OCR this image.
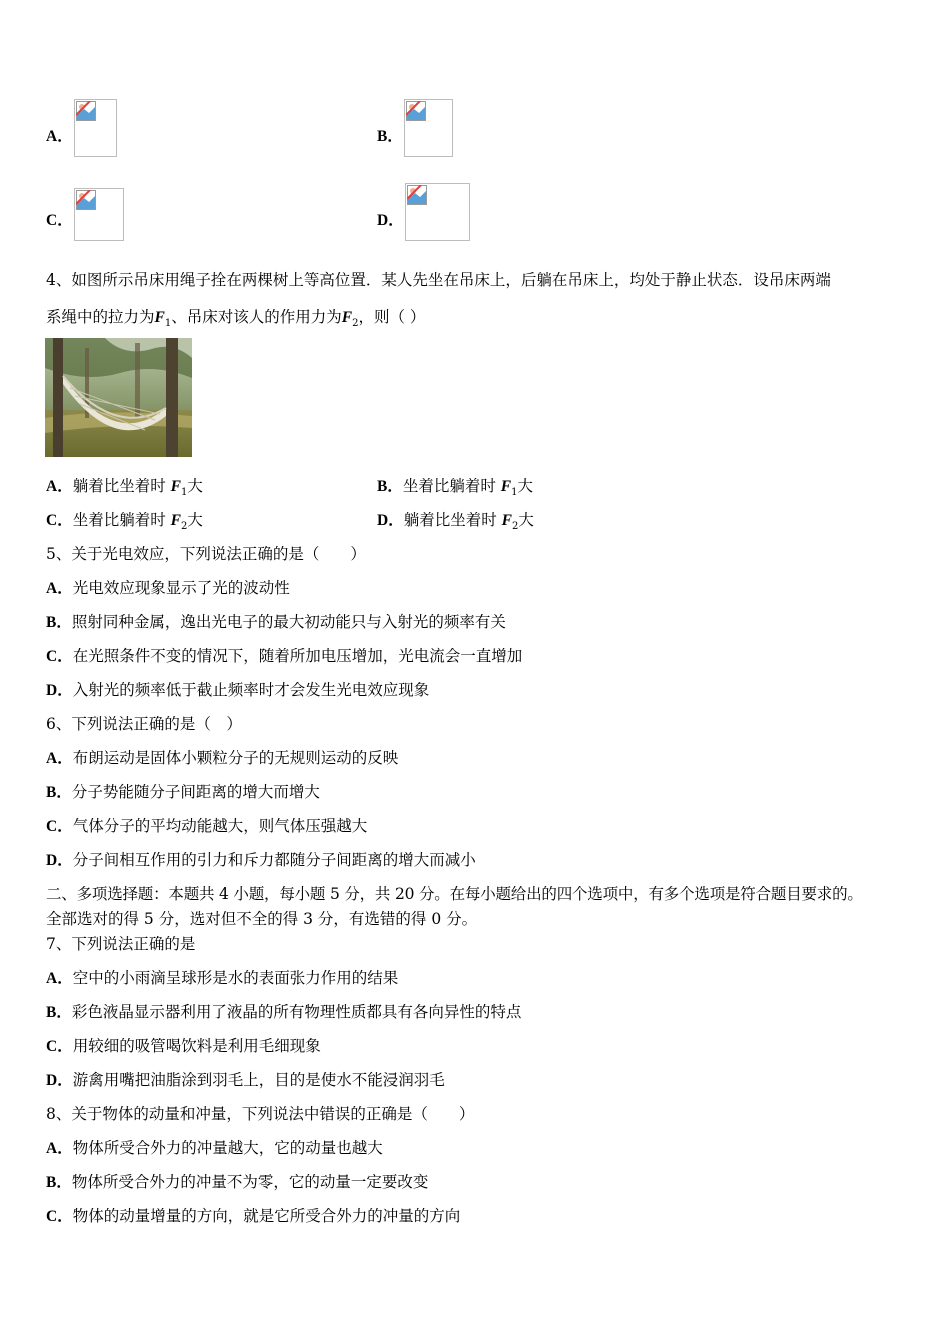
A．	B．
C．	D．
4、如图所示吊床用绳子拴在两棵树上等高位置．某人先坐在吊床上，后躺在吊床上，均处于静止状态．设吊床两端
系绳中的拉力为$F_1$、吊床对该人的作用力为$F_2$，则（ ）
A．躺着比坐着时 $F_1$大	B．坐着比躺着时 $F_1$大
C．坐着比躺着时 $F_2$大	D．躺着比坐着时 $F_2$大
5、关于光电效应，下列说法正确的是（　　）
A．光电效应现象显示了光的波动性
B．照射同种金属，逸出光电子的最大初动能只与入射光的频率有关
C．在光照条件不变的情况下，随着所加电压增加，光电流会一直增加
D．入射光的频率低于截止频率时才会发生光电效应现象
6、下列说法正确的是（　）
A．布朗运动是固体小颗粒分子的无规则运动的反映
B．分子势能随分子间距离的增大而增大
C．气体分子的平均动能越大，则气体压强越大
D．分子间相互作用的引力和斥力都随分子间距离的增大而减小
二、多项选择题：本题共 4 小题，每小题 5 分，共 20 分。在每小题给出的四个选项中，有多个选项是符合题目要求的。
全部选对的得 5 分，选对但不全的得 3 分，有选错的得 0 分。
7、下列说法正确的是
A．空中的小雨滴呈球形是水的表面张力作用的结果
B．彩色液晶显示器利用了液晶的所有物理性质都具有各向异性的特点
C．用较细的吸管喝饮料是利用毛细现象
D．游禽用嘴把油脂涂到羽毛上，目的是使水不能浸润羽毛
8、关于物体的动量和冲量，下列说法中错误的正确是（　　）
A．物体所受合外力的冲量越大，它的动量也越大
B．物体所受合外力的冲量不为零，它的动量一定要改变
C．物体的动量增量的方向，就是它所受合外力的冲量的方向
